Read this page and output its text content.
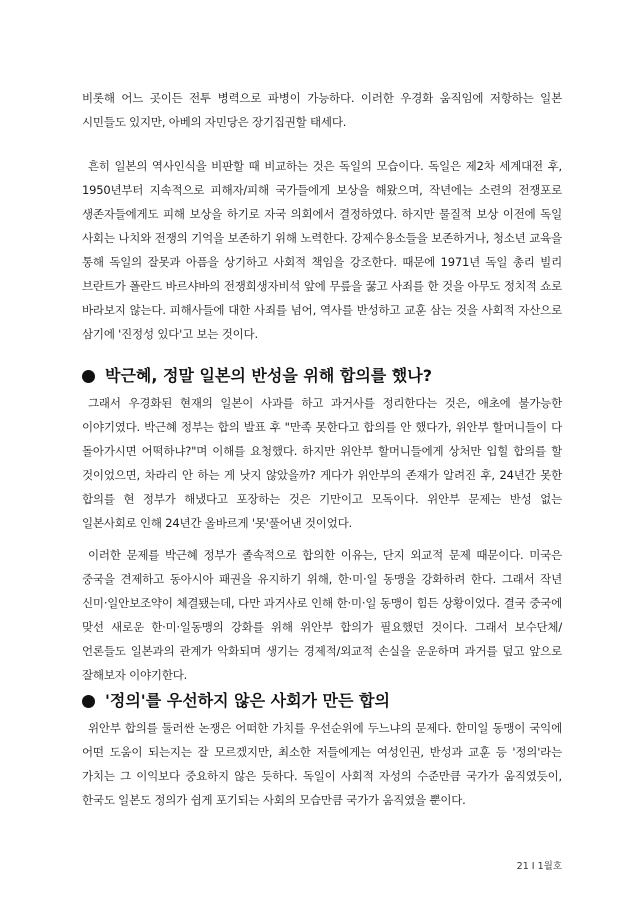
비롯해 어느 곳이든 전투 병력으로 파병이 가능하다. 이러한 우경화 움직임에 저항하는 일본 시민들도 있지만, 아베의 자민당은 장기집권할 태세다.

흔히 일본의 역사인식을 비판할 때 비교하는 것은 독일의 모습이다. 독일은 제2차 세계대전 후, 1950년부터 지속적으로 피해자/피해 국가들에게 보상을 해왔으며, 작년에는 소련의 전쟁포로 생존자들에게도 피해 보상을 하기로 자국 의회에서 결정하였다. 하지만 물질적 보상 이전에 독일 사회는 나치와 전쟁의 기억을 보존하기 위해 노력한다. 강제수용소들을 보존하거나, 청소년 교육을 통해 독일의 잘못과 아픔을 상기하고 사회적 책임을 강조한다. 때문에 1971년 독일 총리 빌리 브란트가 폴란드 바르샤바의 전쟁희생자비석 앞에 무릎을 꿇고 사죄를 한 것을 아무도 정치적 쇼로 바라보지 않는다. 피해사들에 대한 사죄를 넘어, 역사를 반성하고 교훈 삼는 것을 사회적 자산으로 삼기에 '진정성 있다'고 보는 것이다.

박근혜, 정말 일본의 반성을 위해 합의를 했나?

그래서 우경화된 현재의 일본이 사과를 하고 과거사를 정리한다는 것은, 애초에 불가능한 이야기였다. 박근혜 정부는 합의 발표 후 "만족 못한다고 합의를 안 했다가, 위안부 할머니들이 다 돌아가시면 어떡하냐?"며 이해를 요청했다. 하지만 위안부 할머니들에게 상처만 입힐 합의를 할 것이었으면, 차라리 안 하는 게 낫지 않았을까? 게다가 위안부의 존재가 알려진 후, 24년간 못한 합의를 현 정부가 해냈다고 포장하는 것은 기만이고 모독이다. 위안부 문제는 반성 없는 일본사회로 인해 24년간 올바르게 '못'풀어낸 것이었다.

이러한 문제를 박근혜 정부가 졸속적으로 합의한 이유는, 단지 외교적 문제 때문이다. 미국은 중국을 견제하고 동아시아 패권을 유지하기 위해, 한·미·일 동맹을 강화하려 한다. 그래서 작년 신미·일안보조약이 체결됐는데, 다만 과거사로 인해 한·미·일 동맹이 힘든 상황이었다. 결국 중국에 맞선 새로운 한·미·일동맹의 강화를 위해 위안부 합의가 필요했던 것이다. 그래서 보수단체/언론들도 일본과의 관계가 악화되며 생기는 경제적/외교적 손실을 운운하며 과거를 덮고 앞으로 잘해보자 이야기한다.

'정의'를 우선하지 않은 사회가 만든 합의

위안부 합의를 둘러싼 논쟁은 어떠한 가치를 우선순위에 두느냐의 문제다. 한미일 동맹이 국익에 어떤 도움이 되는지는 잘 모르겠지만, 최소한 저들에게는 여성인권, 반성과 교훈 등 '정의'라는 가치는 그 이익보다 중요하지 않은 듯하다. 독일이 사회적 자성의 수준만큼 국가가 움직였듯이, 한국도 일본도 정의가 쉽게 포기되는 사회의 모습만큼 국가가 움직였을 뿐이다.

21 I 1월호
